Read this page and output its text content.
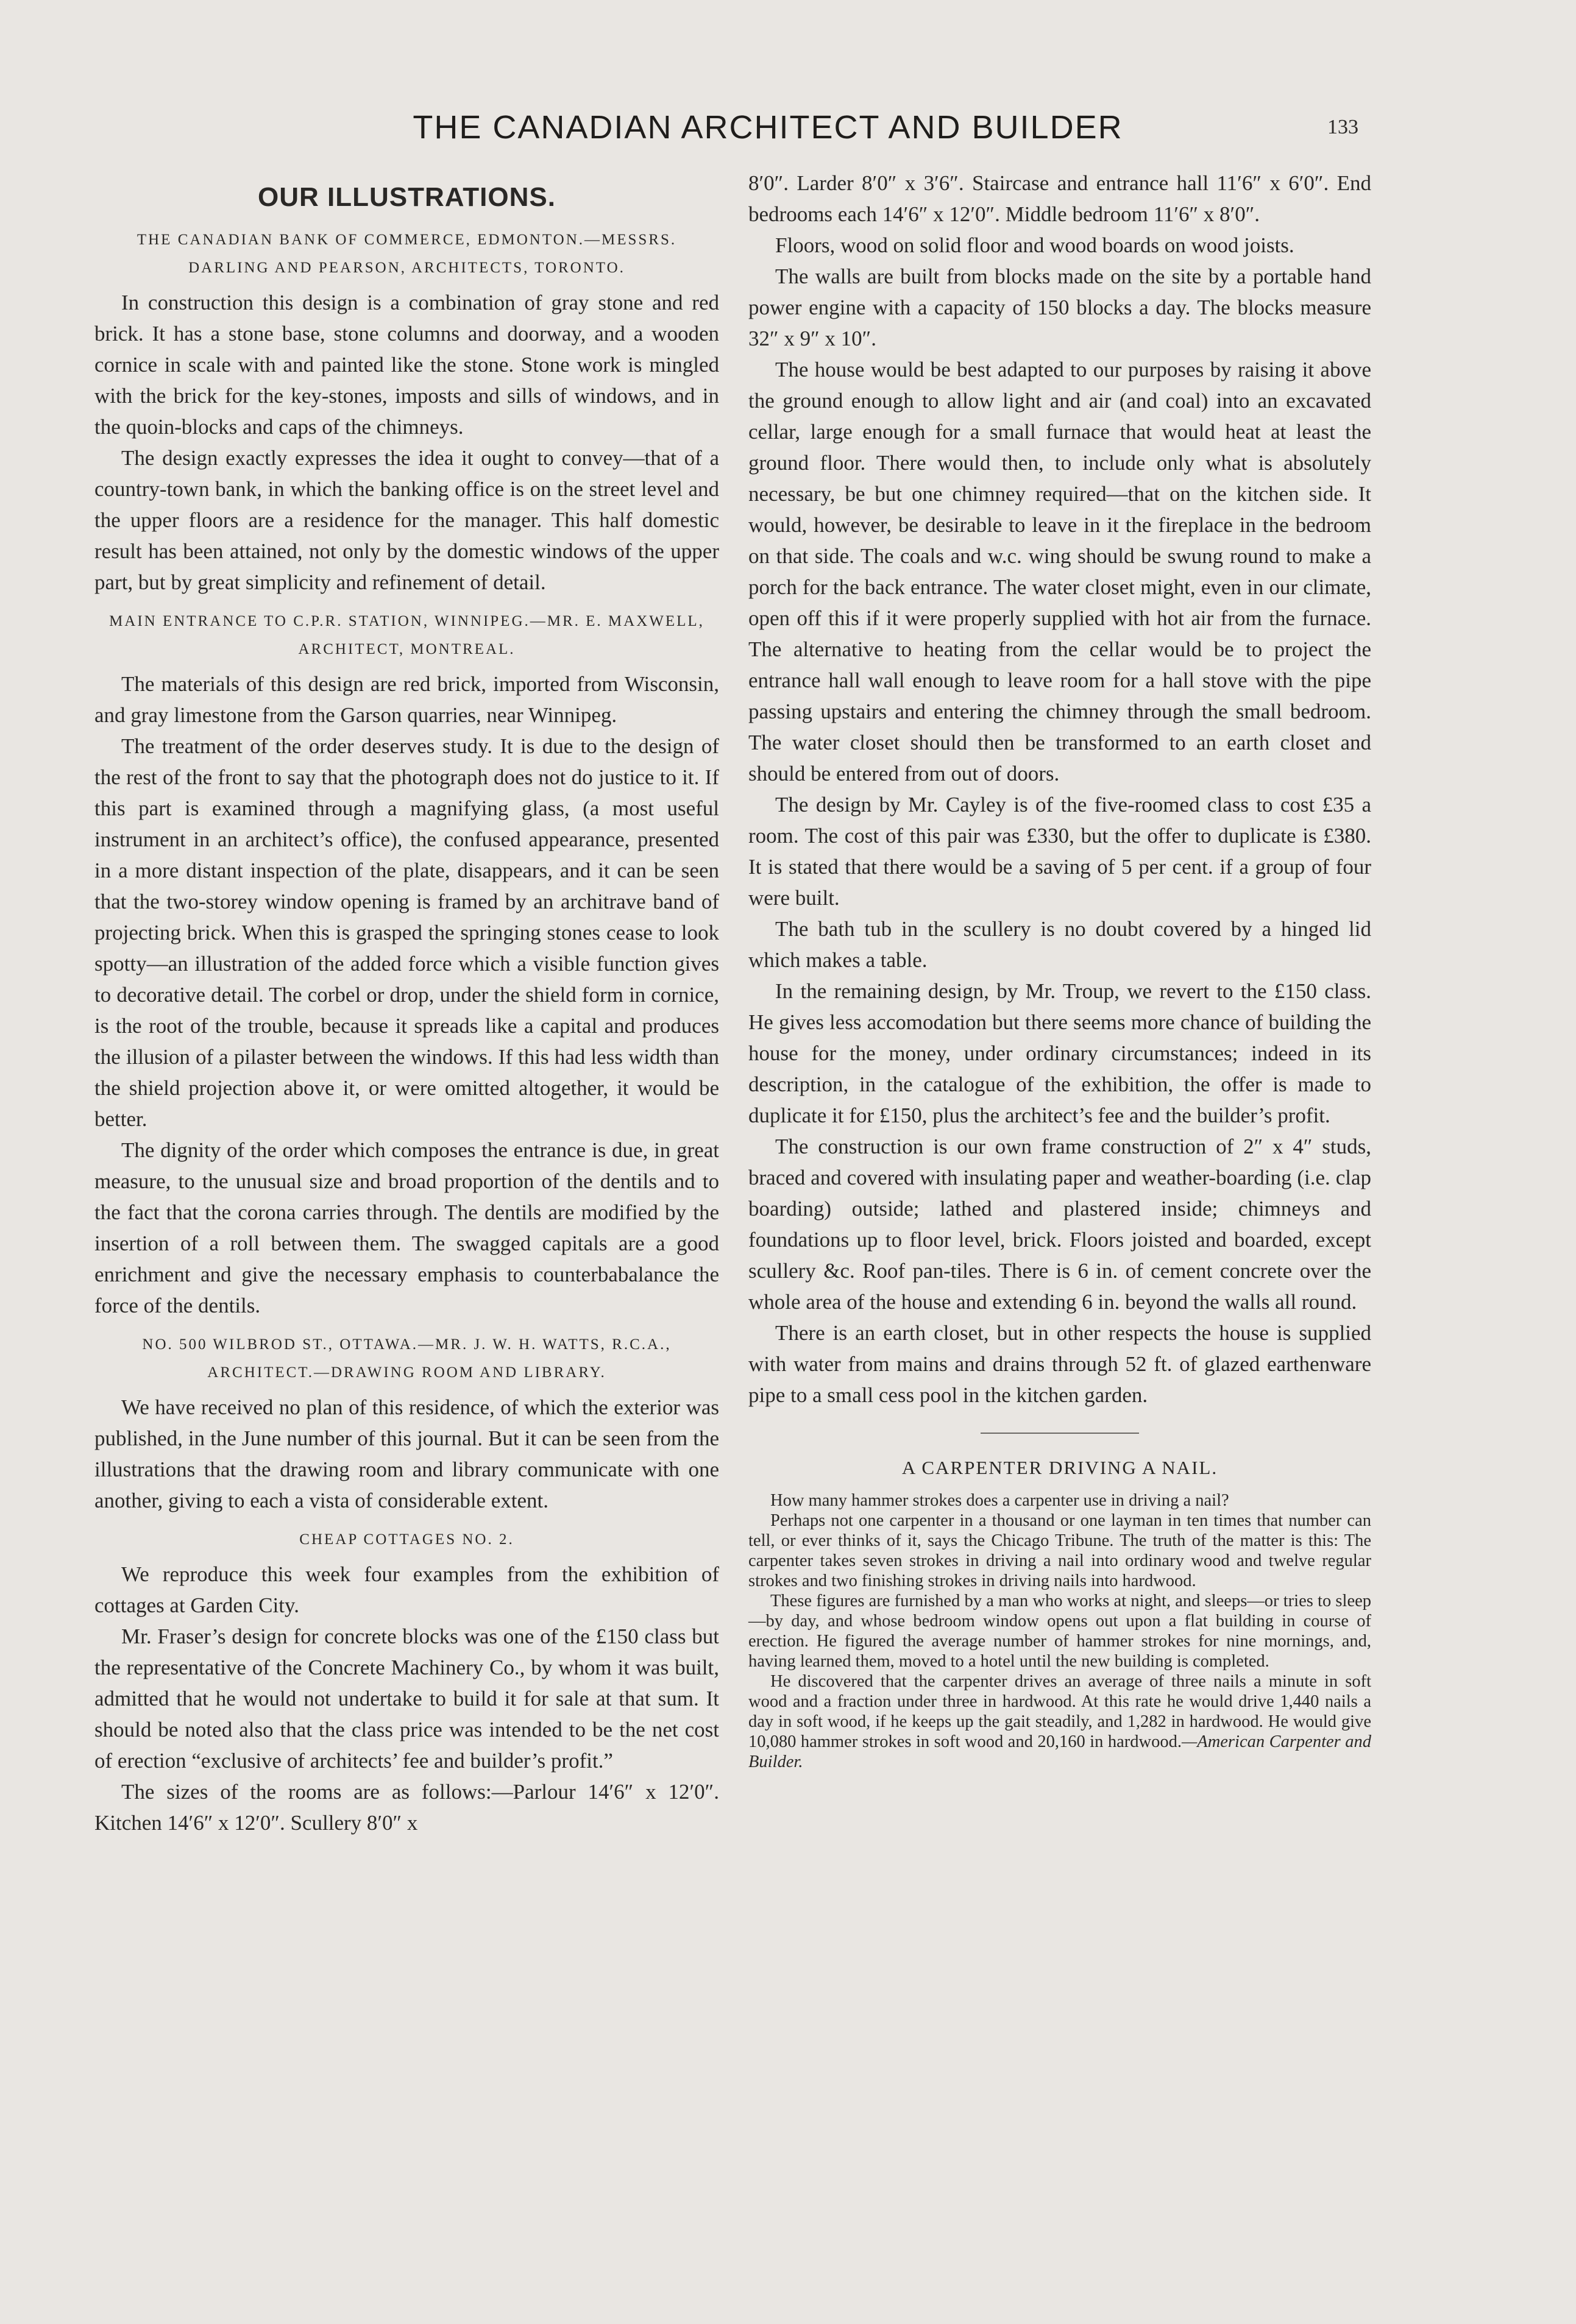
THE CANADIAN ARCHITECT AND BUILDER	133
OUR ILLUSTRATIONS.
THE CANADIAN BANK OF COMMERCE, EDMONTON.—MESSRS. DARLING AND PEARSON, ARCHITECTS, TORONTO.

In construction this design is a combination of gray stone and red brick. It has a stone base, stone columns and doorway, and a wooden cornice in scale with and painted like the stone. Stone work is mingled with the brick for the key-stones, imposts and sills of windows, and in the quoin-blocks and caps of the chimneys.

The design exactly expresses the idea it ought to convey—that of a country-town bank, in which the banking office is on the street level and the upper floors are a residence for the manager. This half domestic result has been attained, not only by the domestic windows of the upper part, but by great simplicity and refinement of detail.

MAIN ENTRANCE TO C.P.R. STATION, WINNIPEG.—MR. E. MAXWELL, ARCHITECT, MONTREAL.

The materials of this design are red brick, imported from Wisconsin, and gray limestone from the Garson quarries, near Winnipeg.

The treatment of the order deserves study. It is due to the design of the rest of the front to say that the photograph does not do justice to it. If this part is examined through a magnifying glass, (a most useful instrument in an architect’s office), the confused appearance, presented in a more distant inspection of the plate, disappears, and it can be seen that the two-storey window opening is framed by an architrave band of projecting brick. When this is grasped the springing stones cease to look spotty—an illustration of the added force which a visible function gives to decorative detail. The corbel or drop, under the shield form in cornice, is the root of the trouble, because it spreads like a capital and produces the illusion of a pilaster between the windows. If this had less width than the shield projection above it, or were omitted altogether, it would be better.

The dignity of the order which composes the entrance is due, in great measure, to the unusual size and broad proportion of the dentils and to the fact that the corona carries through. The dentils are modified by the insertion of a roll between them. The swagged capitals are a good enrichment and give the necessary emphasis to counterbabalance the force of the dentils.

NO. 500 WILBROD ST., OTTAWA.—MR. J. W. H. WATTS, R.C.A., ARCHITECT.—DRAWING ROOM AND LIBRARY.

We have received no plan of this residence, of which the exterior was published, in the June number of this journal. But it can be seen from the illustrations that the drawing room and library communicate with one another, giving to each a vista of considerable extent.

CHEAP COTTAGES NO. 2.

We reproduce this week four examples from the exhibition of cottages at Garden City.

Mr. Fraser’s design for concrete blocks was one of the £150 class but the representative of the Concrete Machinery Co., by whom it was built, admitted that he would not undertake to build it for sale at that sum. It should be noted also that the class price was intended to be the net cost of erection “exclusive of architects’ fee and builder’s profit.”

The sizes of the rooms are as follows:—Parlour 14′6″ x 12′0″. Kitchen 14′6″ x 12′0″. Scullery 8′0″ x

8′0″. Larder 8′0″ x 3′6″. Staircase and entrance hall 11′6″ x 6′0″. End bedrooms each 14′6″ x 12′0″. Middle bedroom 11′6″ x 8′0″.

Floors, wood on solid floor and wood boards on wood joists.

The walls are built from blocks made on the site by a portable hand power engine with a capacity of 150 blocks a day. The blocks measure 32″ x 9″ x 10″.

The house would be best adapted to our purposes by raising it above the ground enough to allow light and air (and coal) into an excavated cellar, large enough for a small furnace that would heat at least the ground floor. There would then, to include only what is absolutely necessary, be but one chimney required—that on the kitchen side. It would, however, be desirable to leave in it the fireplace in the bedroom on that side. The coals and w.c. wing should be swung round to make a porch for the back entrance. The water closet might, even in our climate, open off this if it were properly supplied with hot air from the furnace. The alternative to heating from the cellar would be to project the entrance hall wall enough to leave room for a hall stove with the pipe passing upstairs and entering the chimney through the small bedroom. The water closet should then be transformed to an earth closet and should be entered from out of doors.

The design by Mr. Cayley is of the five-roomed class to cost £35 a room. The cost of this pair was £330, but the offer to duplicate is £380. It is stated that there would be a saving of 5 per cent. if a group of four were built.

The bath tub in the scullery is no doubt covered by a hinged lid which makes a table.

In the remaining design, by Mr. Troup, we revert to the £150 class. He gives less accomodation but there seems more chance of building the house for the money, under ordinary circumstances; indeed in its description, in the catalogue of the exhibition, the offer is made to duplicate it for £150, plus the architect’s fee and the builder’s profit.

The construction is our own frame construction of 2″ x 4″ studs, braced and covered with insulating paper and weather-boarding (i.e. clap boarding) outside; lathed and plastered inside; chimneys and foundations up to floor level, brick. Floors joisted and boarded, except scullery &c. Roof pan-tiles. There is 6 in. of cement concrete over the whole area of the house and extending 6 in. beyond the walls all round.

There is an earth closet, but in other respects the house is supplied with water from mains and drains through 52 ft. of glazed earthenware pipe to a small cess pool in the kitchen garden.

A CARPENTER DRIVING A NAIL.

How many hammer strokes does a carpenter use in driving a nail?

Perhaps not one carpenter in a thousand or one layman in ten times that number can tell, or ever thinks of it, says the Chicago Tribune. The truth of the matter is this: The carpenter takes seven strokes in driving a nail into ordinary wood and twelve regular strokes and two finishing strokes in driving nails into hardwood.

These figures are furnished by a man who works at night, and sleeps—or tries to sleep—by day, and whose bedroom window opens out upon a flat building in course of erection. He figured the average number of hammer strokes for nine mornings, and, having learned them, moved to a hotel until the new building is completed.

He discovered that the carpenter drives an average of three nails a minute in soft wood and a fraction under three in hardwood. At this rate he would drive 1,440 nails a day in soft wood, if he keeps up the gait steadily, and 1,282 in hardwood. He would give 10,080 hammer strokes in soft wood and 20,160 in hardwood.—American Carpenter and Builder.
